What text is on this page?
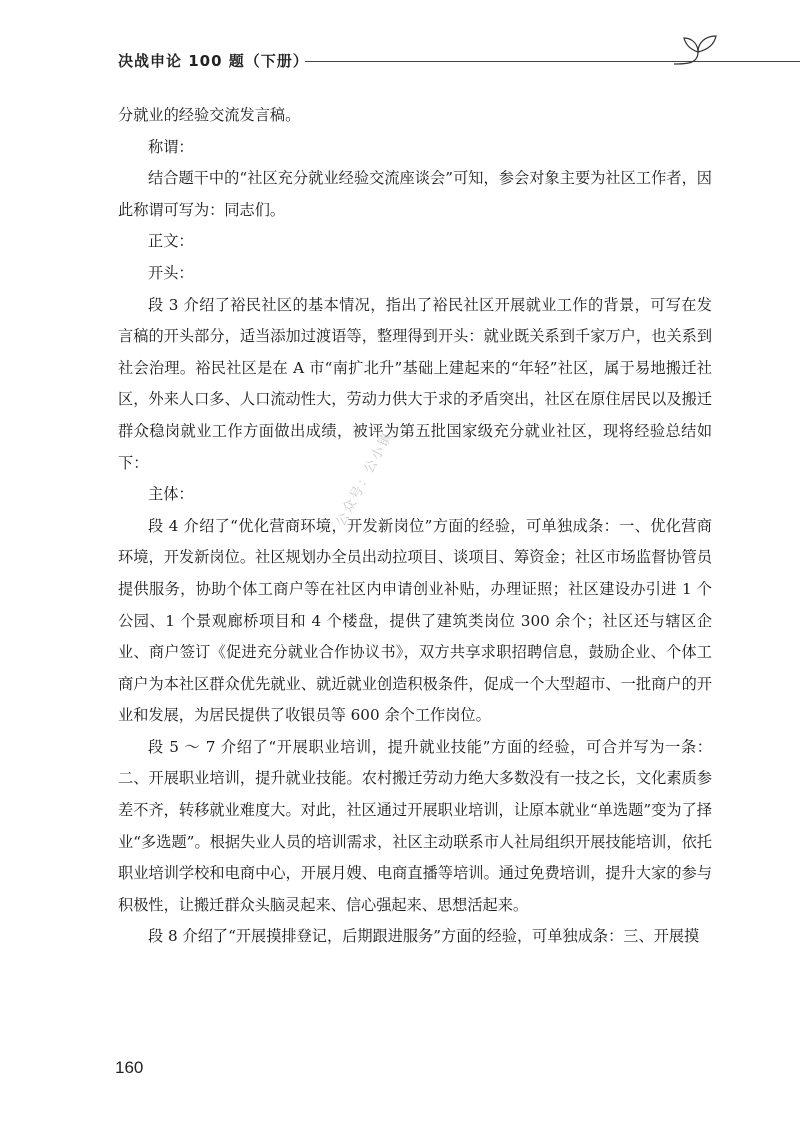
决战申论 100 题（下册）
公众号：公小镇

分就业的经验交流发言稿。

称谓：

结合题干中的“社区充分就业经验交流座谈会”可知，参会对象主要为社区工作者，因此称谓可写为：同志们。

正文：

开头：

段 3 介绍了裕民社区的基本情况，指出了裕民社区开展就业工作的背景，可写在发言稿的开头部分，适当添加过渡语等，整理得到开头：就业既关系到千家万户，也关系到社会治理。裕民社区是在 A 市“南扩北升”基础上建起来的“年轻”社区，属于易地搬迁社区，外来人口多、人口流动性大，劳动力供大于求的矛盾突出，社区在原住居民以及搬迁群众稳岗就业工作方面做出成绩，被评为第五批国家级充分就业社区，现将经验总结如下：

主体：

段 4 介绍了“优化营商环境，开发新岗位”方面的经验，可单独成条：一、优化营商环境，开发新岗位。社区规划办全员出动拉项目、谈项目、筹资金；社区市场监督协管员提供服务，协助个体工商户等在社区内申请创业补贴，办理证照；社区建设办引进 1 个公园、1 个景观廊桥项目和 4 个楼盘，提供了建筑类岗位 300 余个；社区还与辖区企业、商户签订《促进充分就业合作协议书》，双方共享求职招聘信息，鼓励企业、个体工商户为本社区群众优先就业、就近就业创造积极条件，促成一个大型超市、一批商户的开业和发展，为居民提供了收银员等 600 余个工作岗位。

段 5 ～ 7 介绍了“开展职业培训，提升就业技能”方面的经验，可合并写为一条：二、开展职业培训，提升就业技能。农村搬迁劳动力绝大多数没有一技之长，文化素质参差不齐，转移就业难度大。对此，社区通过开展职业培训，让原本就业“单选题”变为了择业“多选题”。根据失业人员的培训需求，社区主动联系市人社局组织开展技能培训，依托职业培训学校和电商中心，开展月嫂、电商直播等培训。通过免费培训，提升大家的参与积极性，让搬迁群众头脑灵起来、信心强起来、思想活起来。

段 8 介绍了“开展摸排登记，后期跟进服务”方面的经验，可单独成条：三、开展摸

160
